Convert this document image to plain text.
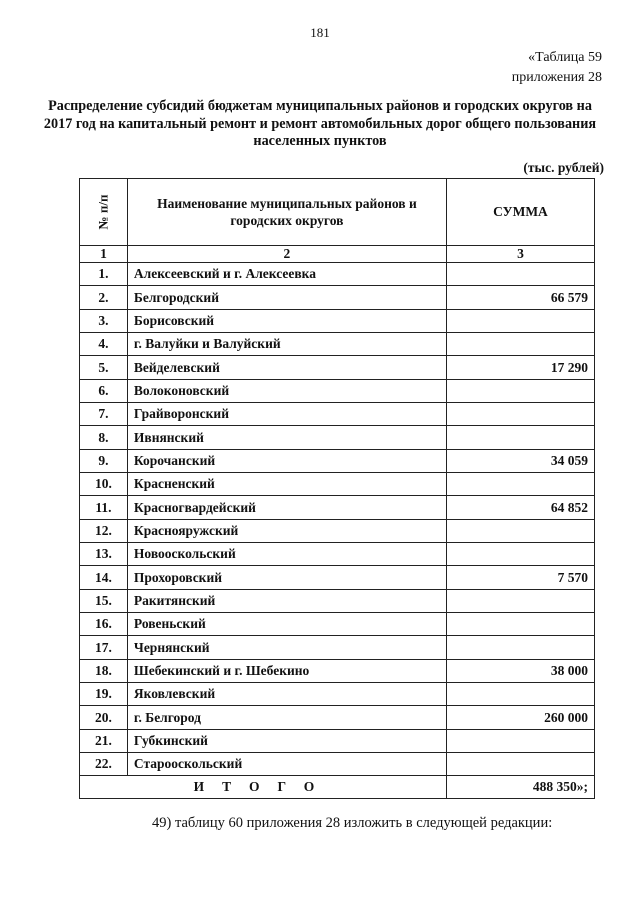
181
«Таблица 59
приложения 28
Распределение субсидий бюджетам муниципальных районов и городских округов на 2017 год на капитальный ремонт и ремонт автомобильных дорог общего пользования населенных пунктов
(тыс. рублей)
№ п/п	Наименование муниципальных районов и городских округов	СУММА
1	2	3
1.	Алексеевский и г. Алексеевка	
2.	Белгородский	66 579
3.	Борисовский	
4.	г. Валуйки и Валуйский	
5.	Вейделевский	17 290
6.	Волоконовский	
7.	Грайворонский	
8.	Ивнянский	
9.	Корочанский	34 059
10.	Красненский	
11.	Красногвардейский	64 852
12.	Краснояружский	
13.	Новооскольский	
14.	Прохоровский	7 570
15.	Ракитянский	
16.	Ровеньский	
17.	Чернянский	
18.	Шебекинский и г. Шебекино	38 000
19.	Яковлевский	
20.	г. Белгород	260 000
21.	Губкинский	
22.	Старооскольский	
ИТОГО		488 350»;
49) таблицу 60 приложения 28 изложить в следующей редакции:
